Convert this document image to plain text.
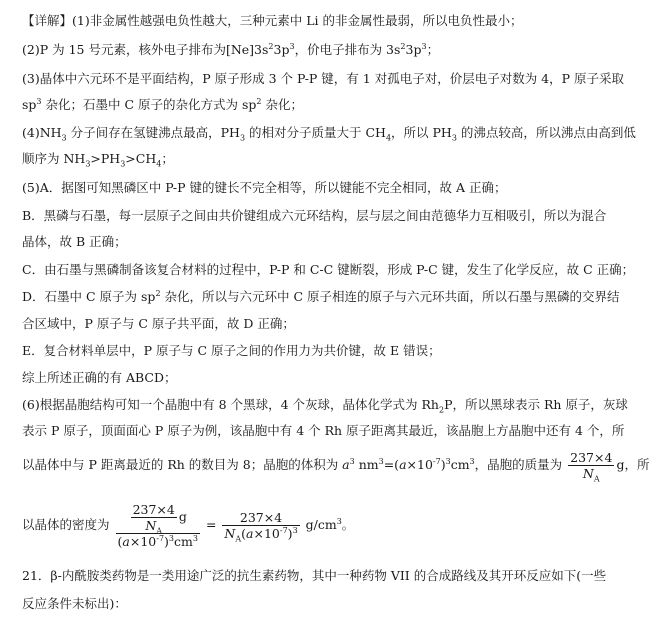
【详解】(1)非金属性越强电负性越大，三种元素中 Li 的非金属性最弱，所以电负性最小；
(2)P 为 15 号元素，核外电子排布为$[Ne]3s^23p^3$，价电子排布为 $3s^23p^3$；
(3)晶体中六元环不是平面结构，P 原子形成 3 个 P-P 键，有 1 对孤电子对，价层电子对数为 4，P 原子采取
$sp^3$ 杂化；石墨中 C 原子的杂化方式为 $sp^2$ 杂化；
$(4)NH_3$ 分子间存在氢键沸点最高，$PH_3$ 的相对分子质量大于 $CH_4$，所以 $PH_3$ 的沸点较高，所以沸点由高到低
顺序为 $NH_3>PH_3>CH_4$；
(5)A．据图可知黑磷区中 P-P 键的键长不完全相等，所以键能不完全相同，故 A 正确；
B．黑磷与石墨，每一层原子之间由共价键组成六元环结构，层与层之间由范德华力互相吸引，所以为混合
晶体，故 B 正确；
C．由石墨与黑磷制备该复合材料的过程中，P-P 和 C-C 键断裂，形成 P-C 键，发生了化学反应，故 C 正确；
D．石墨中 C 原子为 $sp^2$ 杂化，所以与六元环中 C 原子相连的原子与六元环共面，所以石墨与黑磷的交界结
合区域中，P 原子与 C 原子共平面，故 D 正确；
E．复合材料单层中，P 原子与 C 原子之间的作用力为共价键，故 E 错误；
综上所述正确的有 ABCD；
(6)根据晶胞结构可知一个晶胞中有 8 个黑球，4 个灰球，晶体化学式为 $Rh_2P$，所以黑球表示 Rh 原子，灰球
表示 P 原子，顶面面心 P 原子为例，该晶胞中有 4 个 Rh 原子距离其最近，该晶胞上方晶胞中还有 4 个，所
以晶体中与 P 距离最近的 Rh 的数目为 8；晶胞的体积为 $a^3$ $nm^3=(a\times 10^{-7})^3cm^3$，晶胞的质量为 $\frac{237\times 4}{N_A}$ g，所
以晶体的密度为 $\frac{\frac{237\times 4}{N_A} g}{(a\times 10^{-7})^3cm^3} = \frac{237\times 4}{N_A(a\times 10^{-7})^3} g/cm^3$。
21．β-内酰胺类药物是一类用途广泛的抗生素药物，其中一种药物 VII 的合成路线及其开环反应如下(一些
反应条件未标出)：
